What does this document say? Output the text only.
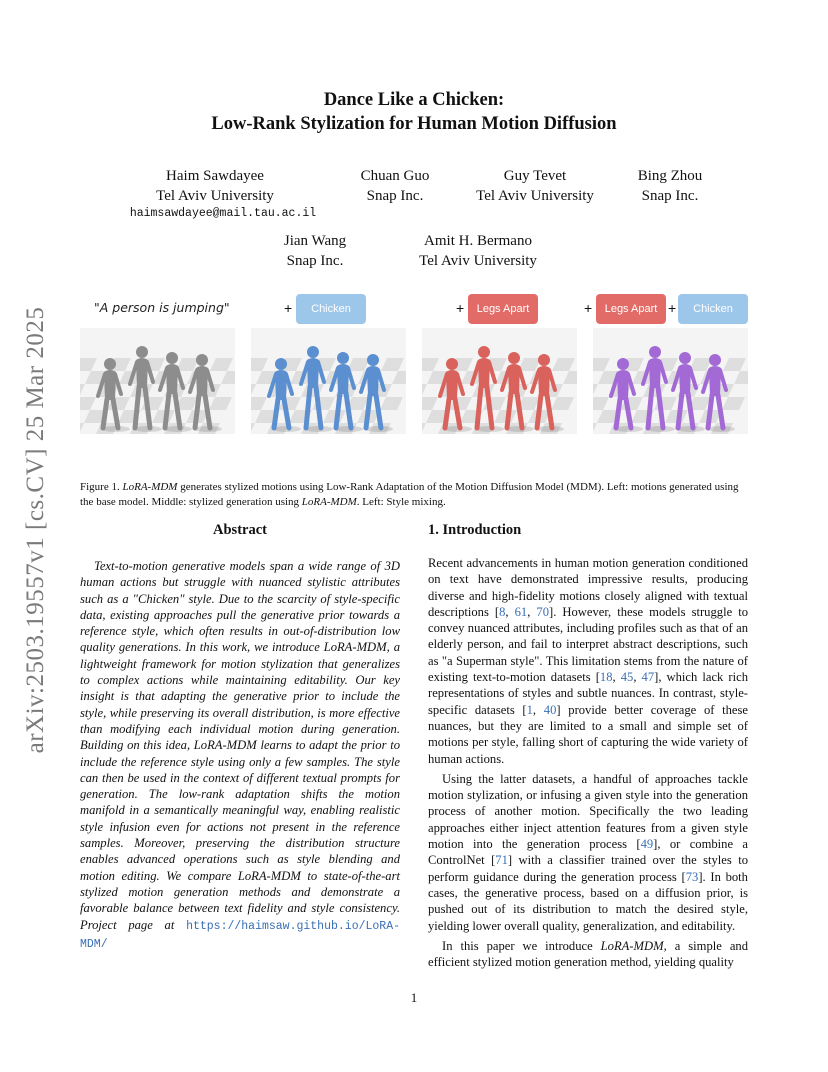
arXiv:2503.19557v1 [cs.CV] 25 Mar 2025
Dance Like a Chicken:
Low-Rank Stylization for Human Motion Diffusion
Haim Sawdayee
Tel Aviv University
haimsawdayee@mail.tau.ac.il
Chuan Guo
Snap Inc.
Guy Tevet
Tel Aviv University
Bing Zhou
Snap Inc.
Jian Wang
Snap Inc.
Amit H. Bermano
Tel Aviv University
"A person is jumping"	+	Chicken	+	Legs Apart	+	Legs Apart +	Chicken
Figure 1. LoRA-MDM generates stylized motions using Low-Rank Adaptation of the Motion Diffusion Model (MDM). Left: motions generated using the base model. Middle: stylized generation using LoRA-MDM. Left: Style mixing.
Abstract

Text-to-motion generative models span a wide range of 3D human actions but struggle with nuanced stylistic attributes such as a "Chicken" style. Due to the scarcity of style-specific data, existing approaches pull the generative prior towards a reference style, which often results in out-of-distribution low quality generations. In this work, we introduce LoRA-MDM, a lightweight framework for motion stylization that generalizes to complex actions while maintaining editability. Our key insight is that adapting the generative prior to include the style, while preserving its overall distribution, is more effective than modifying each individual motion during generation. Building on this idea, LoRA-MDM learns to adapt the prior to include the reference style using only a few samples. The style can then be used in the context of different textual prompts for generation. The low-rank adaptation shifts the motion manifold in a semantically meaningful way, enabling realistic style infusion even for actions not present in the reference samples. Moreover, preserving the distribution structure enables advanced operations such as style blending and motion editing. We compare LoRA-MDM to state-of-the-art stylized motion generation methods and demonstrate a favorable balance between text fidelity and style consistency. Project page at https://haimsaw.github.io/LoRA-MDM/

1. Introduction

Recent advancements in human motion generation conditioned on text have demonstrated impressive results, producing diverse and high-fidelity motions closely aligned with textual descriptions [8, 61, 70]. However, these models struggle to convey nuanced attributes, including profiles such as that of an elderly person, and fail to interpret abstract descriptions, such as "a Superman style". This limitation stems from the nature of existing text-to-motion datasets [18, 45, 47], which lack rich representations of styles and subtle nuances. In contrast, style-specific datasets [1, 40] provide better coverage of these nuances, but they are limited to a small and simple set of motions per style, falling short of capturing the wide variety of human actions.

Using the latter datasets, a handful of approaches tackle motion stylization, or infusing a given style into the generation process of another motion. Specifically the two leading approaches either inject attention features from a given style motion into the generation process [49], or combine a ControlNet [71] with a classifier trained over the styles to perform guidance during the generation process [73]. In both cases, the generative process, based on a diffusion prior, is pushed out of its distribution to match the desired style, yielding lower overall quality, generalization, and editability.

In this paper we introduce LoRA-MDM, a simple and efficient stylized motion generation method, yielding quality

1
